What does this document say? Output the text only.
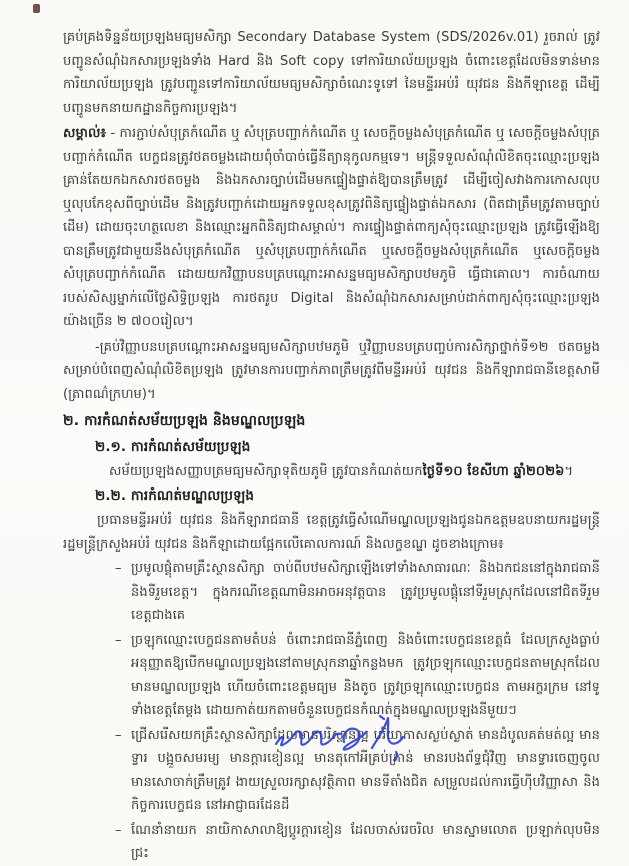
គ្រប់គ្រងទិន្នន័យប្រឡងមធ្យមសិក្សា Secondary Database System (SDS/2026v.01) រួចរាល់ ត្រូវបញ្ជូនសំណុំឯកសារប្រឡងទាំង Hard និង Soft copy ទៅការិយាល័យប្រឡង ចំពោះខេត្តដែលមិនទាន់មានការិយាល័យប្រឡង ត្រូវបញ្ជូនទៅការិយាល័យមធ្យមសិក្សាចំណេះទូទៅ នៃមន្ទីរអប់រំ យុវជន និងកីឡាខេត្ត ដើម្បីបញ្ជូនមកនាយកដ្ឋានកិច្ចការប្រឡង។

សម្គាល់៖ - ការភ្ជាប់សំបុត្រកំណើត ឬ សំបុត្របញ្ជាក់កំណើត ឬ សេចក្ដីចម្លងសំបុត្រកំណើត ឬ សេចក្ដីចម្លងសំបុត្របញ្ជាក់កំណើត បេក្ខជនត្រូវថតចម្លងដោយពុំចាំបាច់ធ្វើនីត្យានុកូលកម្មទេ។ មន្ត្រីទទួលសំណុំលិខិតចុះឈ្មោះប្រឡងគ្រាន់តែយកឯកសារថតចម្លង និងឯកសារច្បាប់ដើមមកផ្ទៀងផ្ទាត់ឱ្យបានត្រឹមត្រូវ ដើម្បីចៀសវាងការកោសលុប ឬលុបកែខុសពីច្បាប់ដើម និងត្រូវបញ្ជាក់ដោយអ្នកទទួលខុសត្រូវពិនិត្យផ្ទៀងផ្ទាត់ឯកសារ (ពិតជាត្រឹមត្រូវតាមច្បាប់ដើម) ដោយចុះហត្ថលេខា និងឈ្មោះអ្នកពិនិត្យជាសម្គាល់។ ការផ្ទៀងផ្ទាត់ពាក្យសុំចុះឈ្មោះប្រឡង ត្រូវធ្វើឡើងឱ្យបានត្រឹមត្រូវជាមួយនឹងសំបុត្រកំណើត ឬសំបុត្របញ្ជាក់កំណើត ឬសេចក្ដីចម្លងសំបុត្រកំណើត ឬសេចក្ដីចម្លងសំបុត្របញ្ជាក់កំណើត ដោយយកវិញ្ញាបនបត្របណ្ដោះអាសន្នមធ្យមសិក្សាបឋមភូមិ ធ្វើជាគោល។ ការចំណាយរបស់សិស្សម្នាក់លើថ្លៃសិទ្ធិប្រឡង ការថតរូប Digital និងសំណុំឯកសារសម្រាប់ដាក់ពាក្យសុំចុះឈ្មោះប្រឡងយ៉ាងច្រើន ២ ៧០០រៀល។

-គ្រប់វិញ្ញាបនបត្របណ្ដោះអាសន្នមធ្យមសិក្សាបឋមភូមិ ឬវិញ្ញាបនបត្របញ្ចប់ការសិក្សាថ្នាក់ទី១២ ថតចម្លងសម្រាប់បំពេញសំណុំលិខិតប្រឡង ត្រូវមានការបញ្ជាក់ភាពត្រឹមត្រូវពីមន្ទីរអប់រំ យុវជន និងកីឡារាជធានីខេត្តសាមី (ត្រាពណ៌ក្រហម)។

២. ការកំណត់សម័យប្រឡង និងមណ្ឌលប្រឡង
២.១. ការកំណត់សម័យប្រឡង

សម័យប្រឡងសញ្ញាបត្រមធ្យមសិក្សាទុតិយភូមិ ត្រូវបានកំណត់យកថ្ងៃទី១០ ខែសីហា ឆ្នាំ២០២៦។

២.២. ការកំណត់មណ្ឌលប្រឡង

ប្រធានមន្ទីរអប់រំ យុវជន និងកីឡារាជធានី ខេត្តត្រូវធ្វើសំណើមណ្ឌលប្រឡងជូនឯកឧត្តមឧបនាយករដ្ឋមន្ត្រី រដ្ឋមន្ត្រីក្រសួងអប់រំ យុវជន និងកីឡាដោយផ្អែកលើគោលការណ៍ និងលក្ខខណ្ឌ ដូចខាងក្រោម៖

– ប្រមូលផ្ដុំតាមគ្រឹះស្ថានសិក្សា ចាប់ពីបឋមសិក្សាឡើងទៅទាំងសាធារណៈ និងឯកជននៅក្នុងរាជធានី និងទីរួមខេត្ត។ ក្នុងករណីខេត្តណាមិនអាចអនុវត្តបាន ត្រូវប្រមូលផ្ដុំនៅទីរួមស្រុកដែលនៅជិតទីរួមខេត្តជាងគេ
– ច្រឡុកឈ្មោះបេក្ខជនតាមតំបន់ ចំពោះរាជធានីភ្នំពេញ និងចំពោះបេក្ខជនខេត្តធំ ដែលក្រសួងធ្លាប់អនុញ្ញាតឱ្យបើកមណ្ឌលប្រឡងនៅតាមស្រុកនាឆ្នាំកន្លងមក ត្រូវច្រឡុកឈ្មោះបេក្ខជនតាមស្រុកដែលមានមណ្ឌលប្រឡង ហើយចំពោះខេត្តមធ្យម និងតូច ត្រូវច្រឡុកឈ្មោះបេក្ខជន តាមអក្ខរក្រម នៅទូទាំងខេត្តតែម្ដង ដោយកាត់យកតាមចំនួនបេក្ខជនកំណត់ក្នុងមណ្ឌលប្រឡងនីមួយៗ
– ជ្រើសរើសយកគ្រឹះស្ថានសិក្សាដែលមានបរិស្ថានល្អ បរិយាកាសស្ងប់ស្ងាត់ មានដំបូលគត់មត់ល្អ មានទ្វារ បង្អួចសមរម្យ មានក្ដារខៀនល្អ មានតុកៅអីគ្រប់គ្រាន់ មានរបងព័ទ្ធជុំវិញ មានទ្វារចេញចូល មានសោចាក់ត្រឹមត្រូវ ងាយស្រួលរក្សាសុវត្ថិភាព មានទីតាំងជិត សម្រួលដល់ការធ្វើហ៊ីបវិញ្ញាសា និងកិច្ចការបេក្ខជន នៅអាជ្ញាធរដែនដី
– ណែនាំនាយក នាយិកាសាលាឱ្យប្ដូរក្ដារខៀន ដែលចាស់រេចរិល មានស្នាមលោត ប្រឡាក់លុបមិនជ្រះ
